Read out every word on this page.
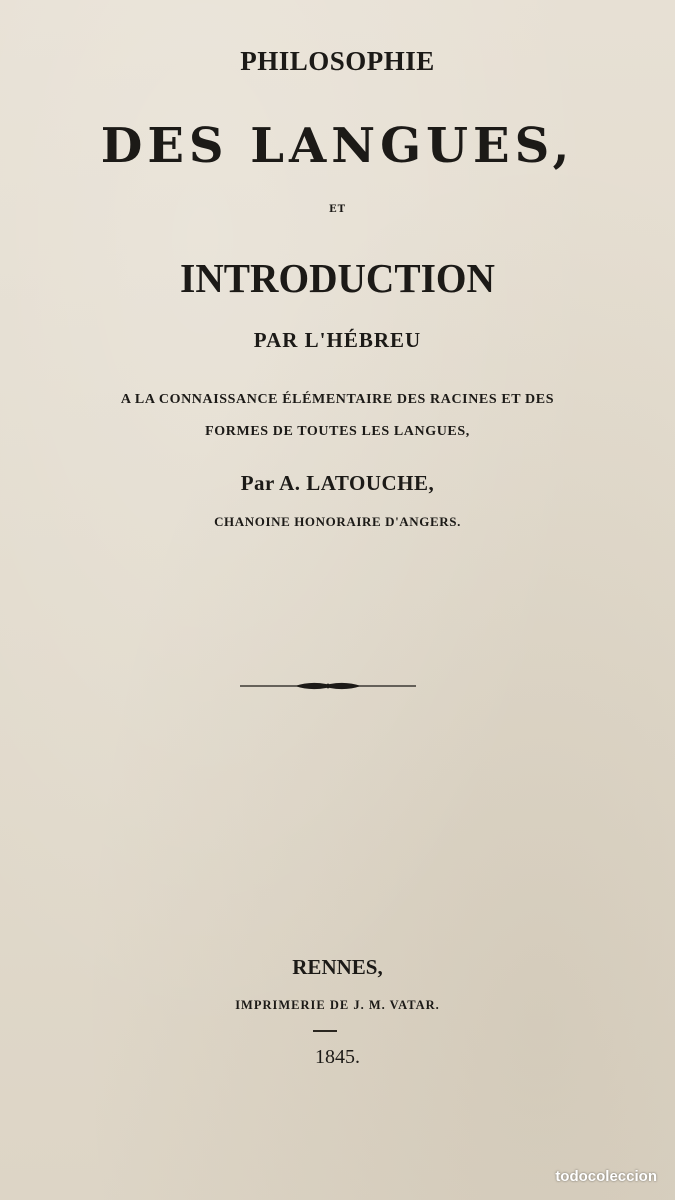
PHILOSOPHIE
DES LANGUES,
ET
INTRODUCTION
PAR L'HÉBREU
A LA CONNAISSANCE ÉLÉMENTAIRE DES RACINES ET DES
FORMES DE TOUTES LES LANGUES,
Par A. LATOUCHE,
CHANOINE HONORAIRE D'ANGERS.
RENNES,
IMPRIMERIE DE J. M. VATAR.
1845.
todocoleccion
